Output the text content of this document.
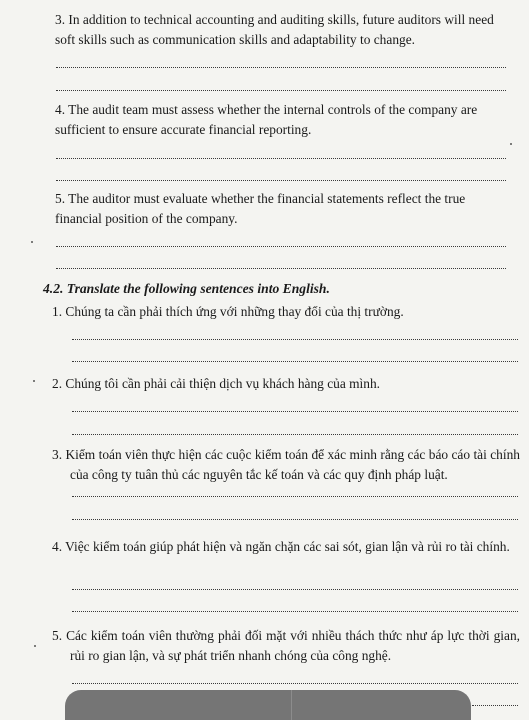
3. In addition to technical accounting and auditing skills, future auditors will need soft skills such as communication skills and adaptability to change.
4. The audit team must assess whether the internal controls of the company are sufficient to ensure accurate financial reporting.
5. The auditor must evaluate whether the financial statements reflect the true financial position of the company.
4.2. Translate the following sentences into English.
1. Chúng ta cần phải thích ứng với những thay đổi của thị trường.
2. Chúng tôi cần phải cải thiện dịch vụ khách hàng của mình.
3. Kiểm toán viên thực hiện các cuộc kiểm toán để xác minh rằng các báo cáo tài chính của công ty tuân thủ các nguyên tắc kế toán và các quy định pháp luật.
4. Việc kiểm toán giúp phát hiện và ngăn chặn các sai sót, gian lận và rủi ro tài chính.
5. Các kiểm toán viên thường phải đối mặt với nhiều thách thức như áp lực thời gian, rủi ro gian lận, và sự phát triển nhanh chóng của công nghệ.
